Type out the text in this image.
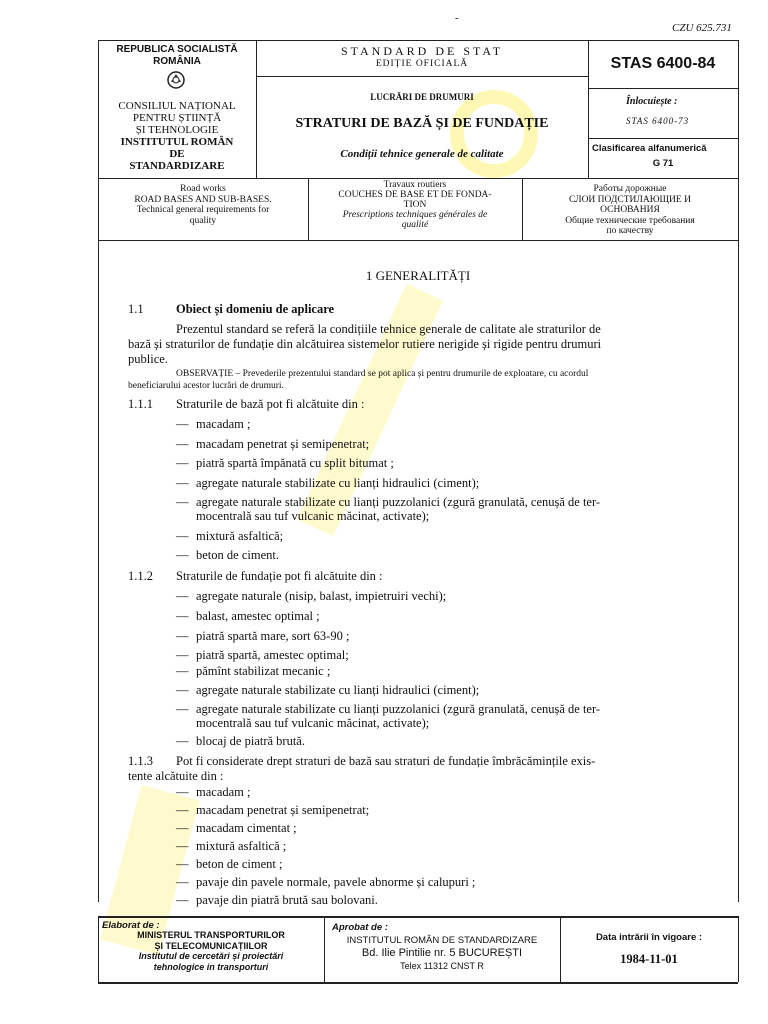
-
CZU 625.731
REPUBLICA SOCIALISTĂ
ROMÂNIA
CONSILIUL NAȚIONAL
PENTRU ȘTIINȚĂ
ȘI TEHNOLOGIE
INSTITUTUL ROMÂN
DE
STANDARDIZARE
STANDARD DE STAT
EDIȚIE OFICIALĂ
LUCRĂRI DE DRUMURI
STRATURI DE BAZĂ ȘI DE FUNDAȚIE
Condiții tehnice generale de calitate
STAS 6400-84
Înlocuiește :
STAS 6400-73
Clasificarea alfanumerică
G 71
Road works
ROAD BASES AND SUB-BASES.
Technical general requirements for
quality
Travaux routiers
COUCHES DE BASE ET DE FONDA-
TION
Prescriptions techniques générales de
qualité
Работы дорожные
СЛОИ ПОДСТИЛАЮЩИЕ И
ОСНОВАНИЯ
Общие технические требования
по качеству
1 GENERALITĂȚI
1.1	Obiect și domeniu de aplicare
Prezentul standard se referă la condițiile tehnice generale de calitate ale straturilor de
bază și straturilor de fundație din alcătuirea sistemelor rutiere nerigide și rigide pentru drumuri
publice.
OBSERVAȚIE – Prevederile prezentului standard se pot aplica și pentru drumurile de exploatare, cu acordul
beneficiarului acestor lucrări de drumuri.
1.1.1 Straturile de bază pot fi alcătuite din :
— macadam ;
— macadam penetrat și semipenetrat;
— piatră spartă împănată cu split bitumat ;
— agregate naturale stabilizate cu lianți hidraulici (ciment);
— agregate naturale stabilizate cu lianți puzzolanici (zgură granulată, cenușă de ter-
mocentrală sau tuf vulcanic măcinat, activate);
— mixtură asfaltică;
— beton de ciment.
1.1.2 Straturile de fundație pot fi alcătuite din :
— agregate naturale (nisip, balast, impietruiri vechi);
— balast, amestec optimal ;
— piatră spartă mare, sort 63-90 ;
— piatră spartă, amestec optimal;
— pămînt stabilizat mecanic ;
— agregate naturale stabilizate cu lianți hidraulici (ciment);
— agregate naturale stabilizate cu lianți puzzolanici (zgură granulată, cenușă de ter-
mocentrală sau tuf vulcanic măcinat, activate);
— blocaj de piatră brută.
1.1.3	Pot fi considerate drept straturi de bază sau straturi de fundație îmbrăcămințile exis-
tente alcătuite din :
— macadam ;
— macadam penetrat și semipenetrat;
— macadam cimentat ;
— mixtură asfaltică ;
— beton de ciment ;
— pavaje din pavele normale, pavele abnorme și calupuri ;
— pavaje din piatră brută sau bolovani.
Elaborat de :
MINISTERUL TRANSPORTURILOR
ȘI TELECOMUNICAȚIILOR
Institutul de cercetări și proiectări
tehnologice in transporturi
Aprobat de :
INSTITUTUL ROMÂN DE STANDARDIZARE
Bd. Ilie Pintilie nr. 5 BUCUREȘTI
Telex 11312 CNST R
Data intrării în vigoare :
1984-11-01
